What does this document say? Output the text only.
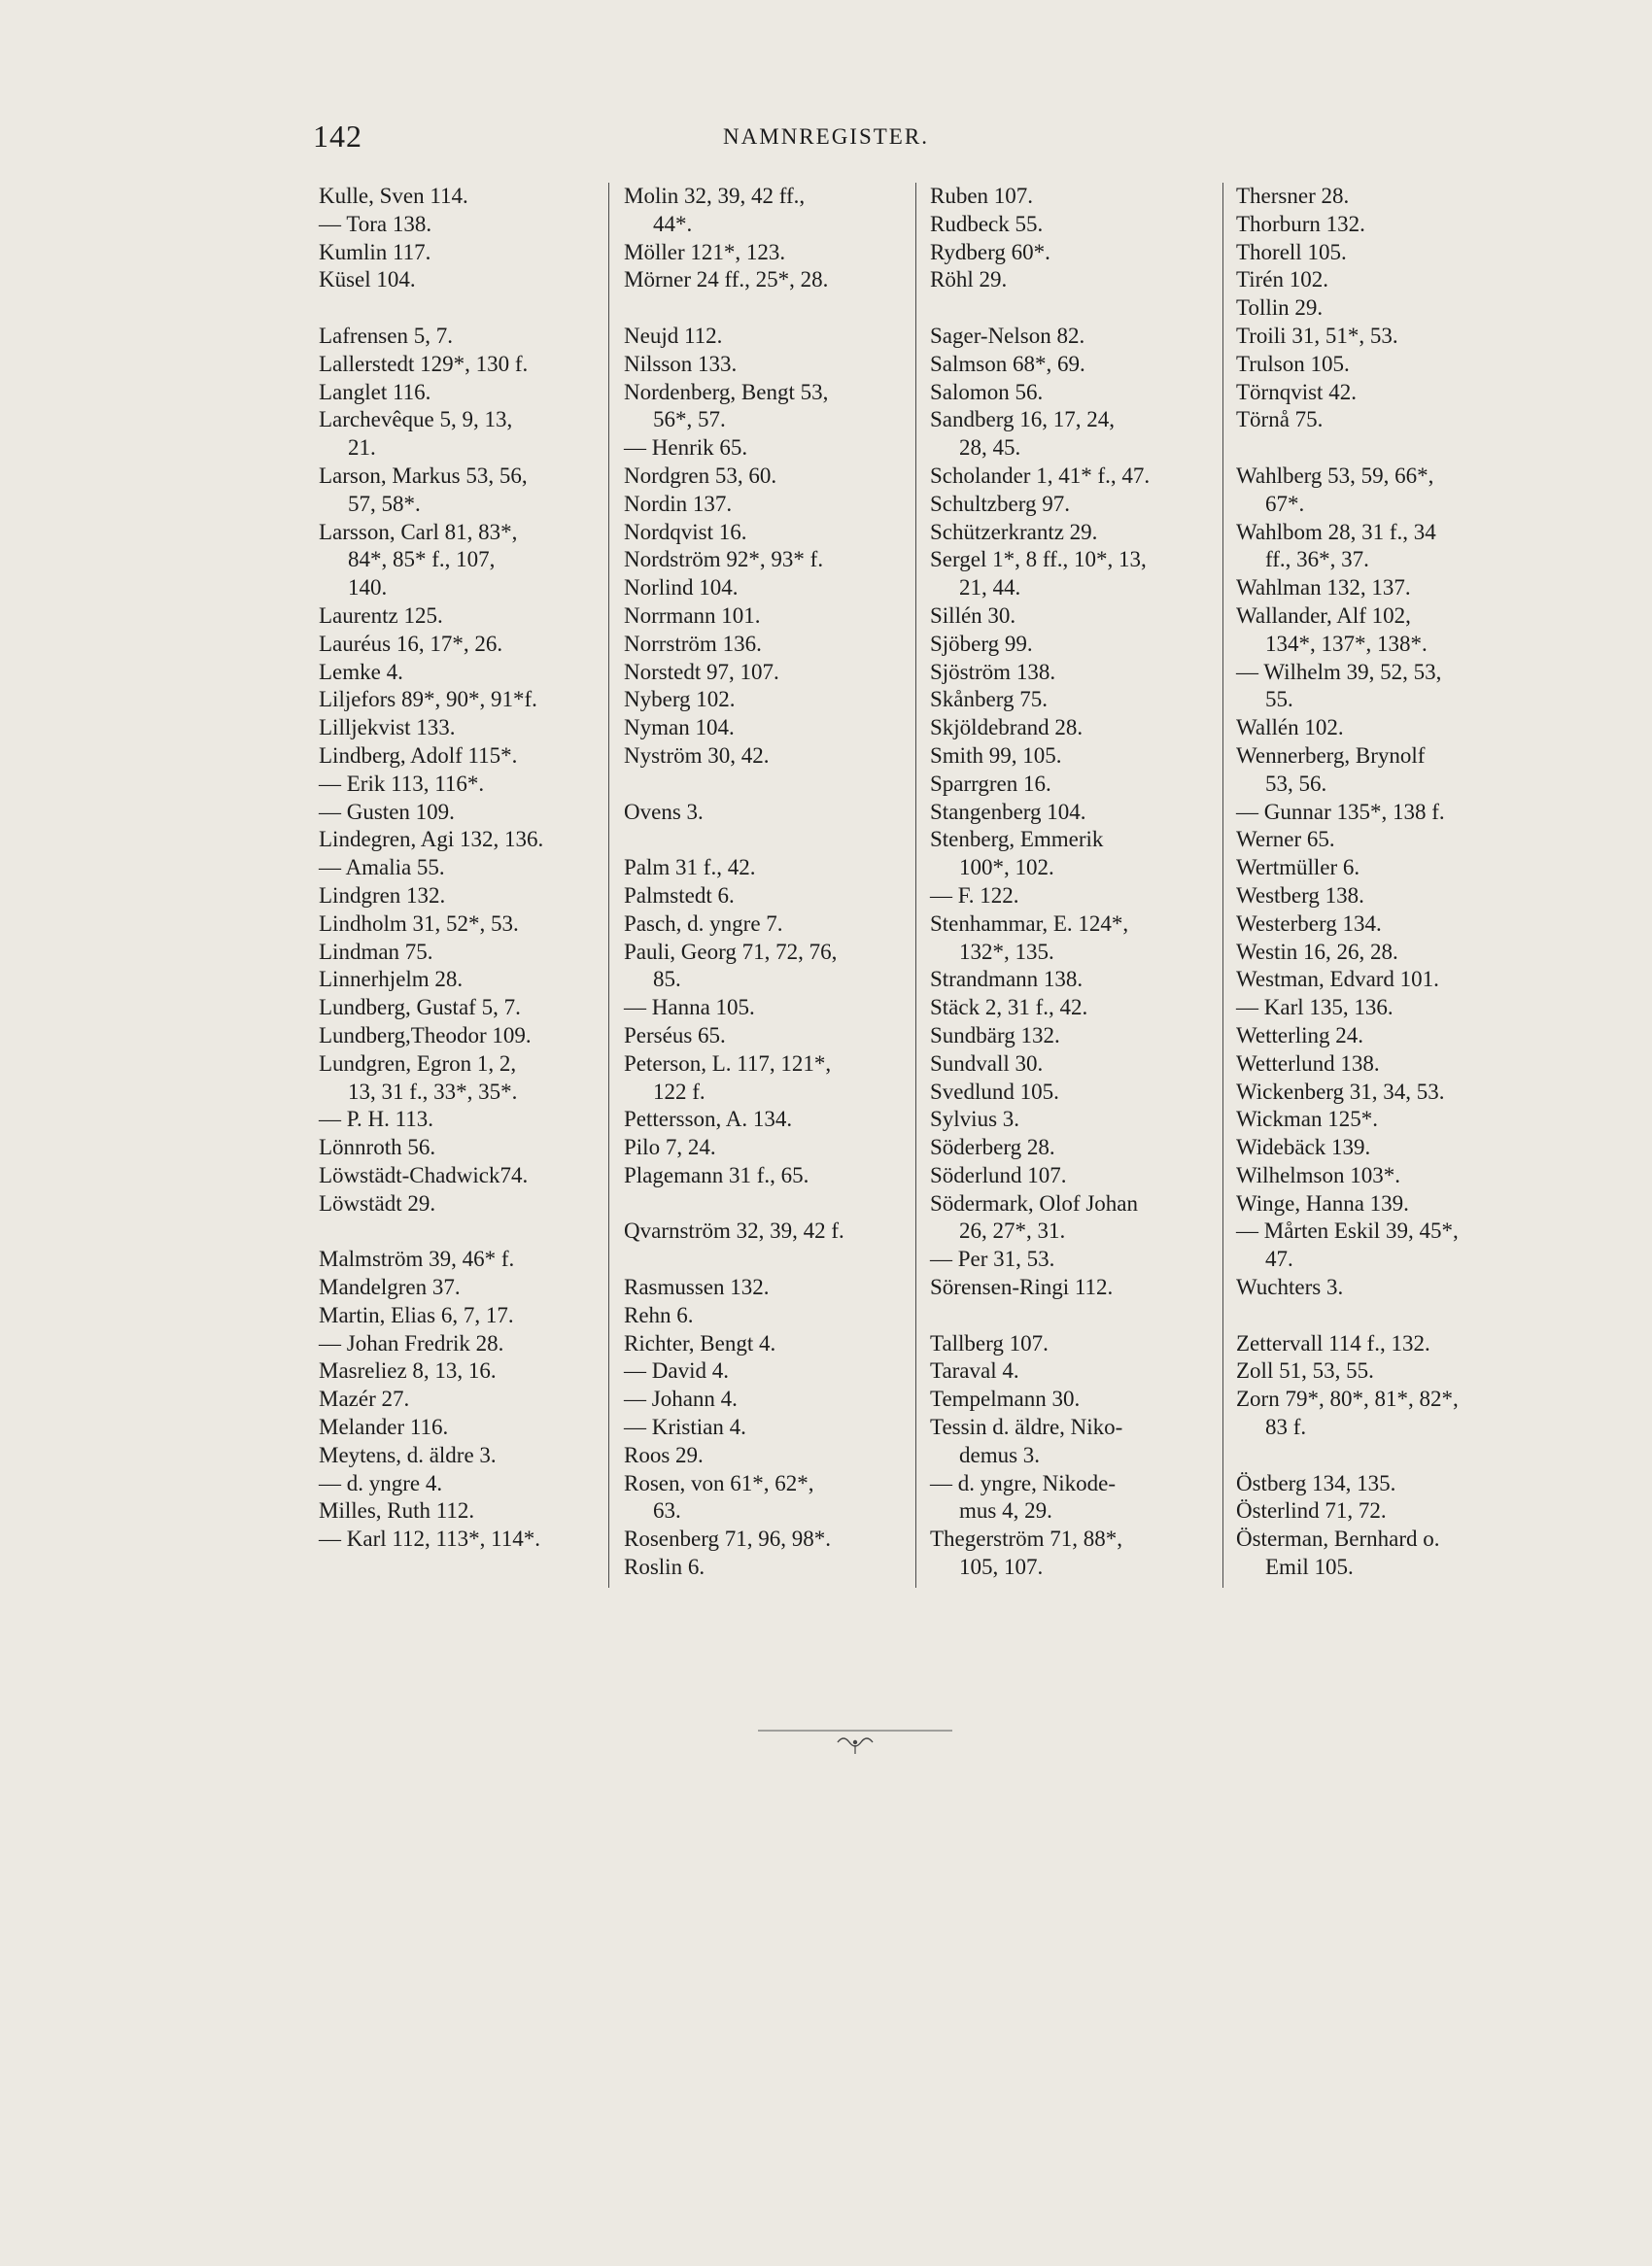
142	NAMNREGISTER.
Kulle, Sven 114.
— Tora 138.
Kumlin 117.
Küsel 104.
Lafrensen 5, 7.
Lallerstedt 129*, 130 f.
Langlet 116.
Larchevêque 5, 9, 13,
21.
Larson, Markus 53, 56,
57, 58*.
Larsson, Carl 81, 83*,
84*, 85* f., 107,
140.
Laurentz 125.
Lauréus 16, 17*, 26.
Lemke 4.
Liljefors 89*, 90*, 91*f.
Lilljekvist 133.
Lindberg, Adolf 115*.
— Erik 113, 116*.
— Gusten 109.
Lindegren, Agi 132, 136.
— Amalia 55.
Lindgren 132.
Lindholm 31, 52*, 53.
Lindman 75.
Linnerhjelm 28.
Lundberg, Gustaf 5, 7.
Lundberg,Theodor 109.
Lundgren, Egron 1, 2,
13, 31 f., 33*, 35*.
— P. H. 113.
Lönnroth 56.
Löwstädt-Chadwick74.
Löwstädt 29.
Malmström 39, 46* f.
Mandelgren 37.
Martin, Elias 6, 7, 17.
— Johan Fredrik 28.
Masreliez 8, 13, 16.
Mazér 27.
Melander 116.
Meytens, d. äldre 3.
— d. yngre 4.
Milles, Ruth 112.
— Karl 112, 113*, 114*.
Molin 32, 39, 42 ff.,
44*.
Möller 121*, 123.
Mörner 24 ff., 25*, 28.
Neujd 112.
Nilsson 133.
Nordenberg, Bengt 53,
56*, 57.
— Henrik 65.
Nordgren 53, 60.
Nordin 137.
Nordqvist 16.
Nordström 92*, 93* f.
Norlind 104.
Norrmann 101.
Norrström 136.
Norstedt 97, 107.
Nyberg 102.
Nyman 104.
Nyström 30, 42.
Ovens 3.
Palm 31 f., 42.
Palmstedt 6.
Pasch, d. yngre 7.
Pauli, Georg 71, 72, 76,
85.
— Hanna 105.
Perséus 65.
Peterson, L. 117, 121*,
122 f.
Pettersson, A. 134.
Pilo 7, 24.
Plagemann 31 f., 65.
Qvarnström 32, 39, 42 f.
Rasmussen 132.
Rehn 6.
Richter, Bengt 4.
— David 4.
— Johann 4.
— Kristian 4.
Roos 29.
Rosen, von 61*, 62*,
63.
Rosenberg 71, 96, 98*.
Roslin 6.
Ruben 107.
Rudbeck 55.
Rydberg 60*.
Röhl 29.
Sager-Nelson 82.
Salmson 68*, 69.
Salomon 56.
Sandberg 16, 17, 24,
28, 45.
Scholander 1, 41* f., 47.
Schultzberg 97.
Schützerkrantz 29.
Sergel 1*, 8 ff., 10*, 13,
21, 44.
Sillén 30.
Sjöberg 99.
Sjöström 138.
Skånberg 75.
Skjöldebrand 28.
Smith 99, 105.
Sparrgren 16.
Stangenberg 104.
Stenberg, Emmerik
100*, 102.
— F. 122.
Stenhammar, E. 124*,
132*, 135.
Strandmann 138.
Stäck 2, 31 f., 42.
Sundbärg 132.
Sundvall 30.
Svedlund 105.
Sylvius 3.
Söderberg 28.
Söderlund 107.
Södermark, Olof Johan
26, 27*, 31.
— Per 31, 53.
Sörensen-Ringi 112.
Tallberg 107.
Taraval 4.
Tempelmann 30.
Tessin d. äldre, Niko-
demus 3.
— d. yngre, Nikode-
mus 4, 29.
Thegerström 71, 88*,
105, 107.
Thersner 28.
Thorburn 132.
Thorell 105.
Tirén 102.
Tollin 29.
Troili 31, 51*, 53.
Trulson 105.
Törnqvist 42.
Törnå 75.
Wahlberg 53, 59, 66*,
67*.
Wahlbom 28, 31 f., 34
ff., 36*, 37.
Wahlman 132, 137.
Wallander, Alf 102,
134*, 137*, 138*.
— Wilhelm 39, 52, 53,
55.
Wallén 102.
Wennerberg, Brynolf
53, 56.
— Gunnar 135*, 138 f.
Werner 65.
Wertmüller 6.
Westberg 138.
Westerberg 134.
Westin 16, 26, 28.
Westman, Edvard 101.
— Karl 135, 136.
Wetterling 24.
Wetterlund 138.
Wickenberg 31, 34, 53.
Wickman 125*.
Widebäck 139.
Wilhelmson 103*.
Winge, Hanna 139.
— Mårten Eskil 39, 45*,
47.
Wuchters 3.
Zettervall 114 f., 132.
Zoll 51, 53, 55.
Zorn 79*, 80*, 81*, 82*,
83 f.
Östberg 134, 135.
Österlind 71, 72.
Österman, Bernhard o.
Emil 105.
